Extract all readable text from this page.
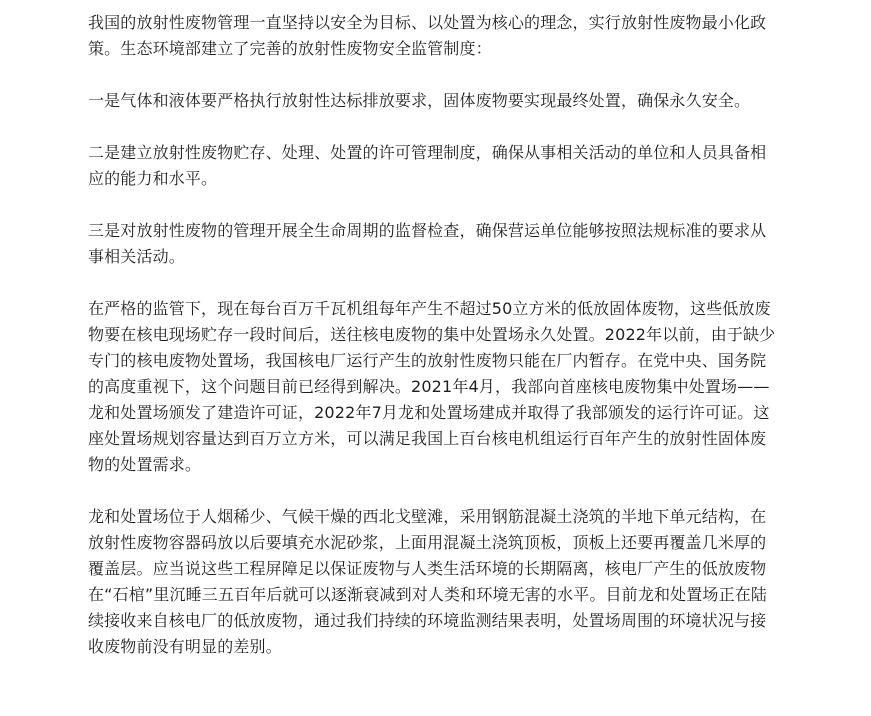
我国的放射性废物管理一直坚持以安全为目标、以处置为核心的理念，实行放射性废物最小化政策。生态环境部建立了完善的放射性废物安全监管制度：

一是气体和液体要严格执行放射性达标排放要求，固体废物要实现最终处置，确保永久安全。

二是建立放射性废物贮存、处理、处置的许可管理制度，确保从事相关活动的单位和人员具备相应的能力和水平。

三是对放射性废物的管理开展全生命周期的监督检查，确保营运单位能够按照法规标准的要求从事相关活动。

在严格的监管下，现在每台百万千瓦机组每年产生不超过50立方米的低放固体废物，这些低放废物要在核电现场贮存一段时间后，送往核电废物的集中处置场永久处置。2022年以前，由于缺少专门的核电废物处置场，我国核电厂运行产生的放射性废物只能在厂内暂存。在党中央、国务院的高度重视下，这个问题目前已经得到解决。2021年4月，我部向首座核电废物集中处置场——龙和处置场颁发了建造许可证，2022年7月龙和处置场建成并取得了我部颁发的运行许可证。这座处置场规划容量达到百万立方米，可以满足我国上百台核电机组运行百年产生的放射性固体废物的处置需求。

龙和处置场位于人烟稀少、气候干燥的西北戈壁滩，采用钢筋混凝土浇筑的半地下单元结构，在放射性废物容器码放以后要填充水泥砂浆，上面用混凝土浇筑顶板，顶板上还要再覆盖几米厚的覆盖层。应当说这些工程屏障足以保证废物与人类生活环境的长期隔离，核电厂产生的低放废物在“石棺”里沉睡三五百年后就可以逐渐衰减到对人类和环境无害的水平。目前龙和处置场正在陆续接收来自核电厂的低放废物，通过我们持续的环境监测结果表明，处置场周围的环境状况与接收废物前没有明显的差别。
